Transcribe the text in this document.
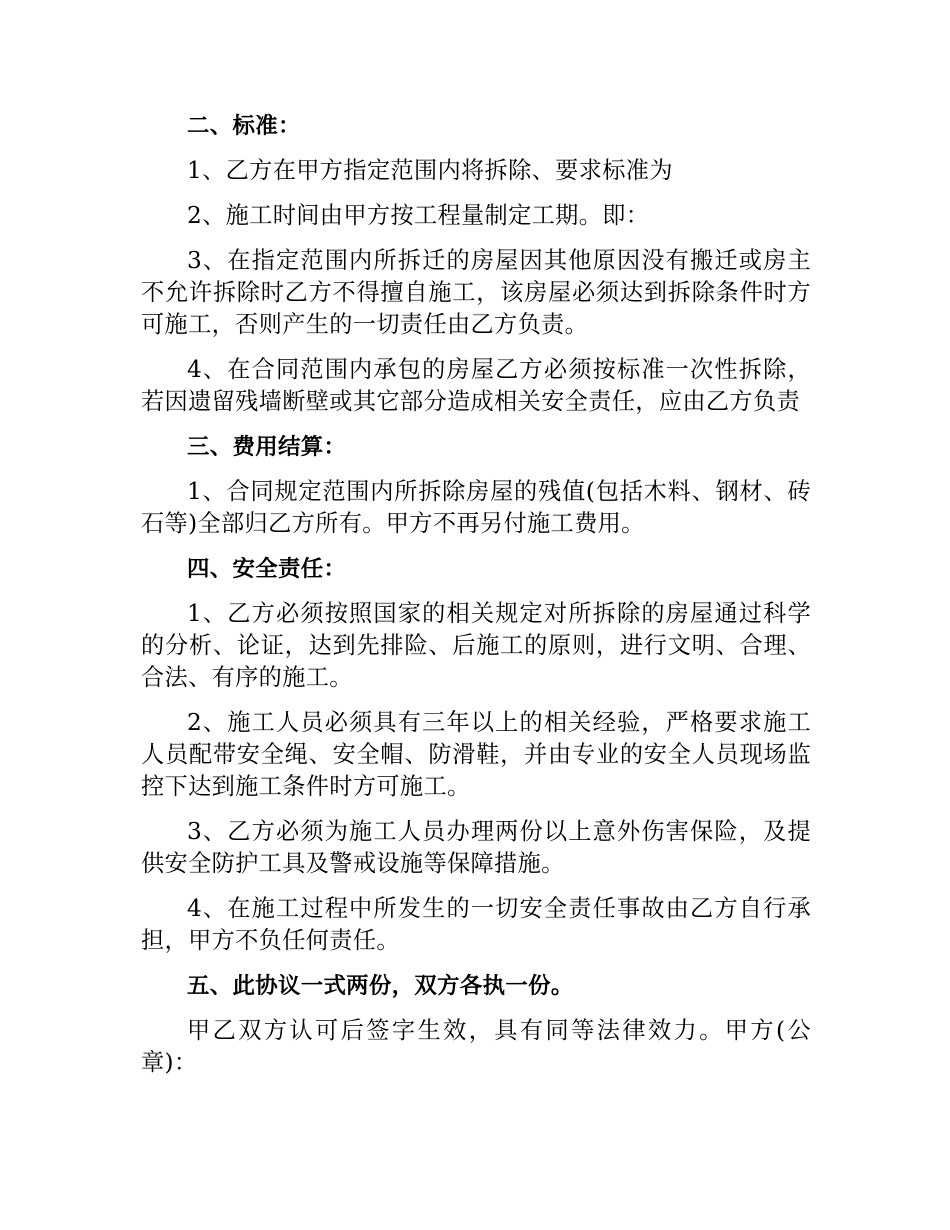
二、标准：

1、乙方在甲方指定范围内将拆除、要求标准为

2、施工时间由甲方按工程量制定工期。即：

3、在指定范围内所拆迁的房屋因其他原因没有搬迁或房主不允许拆除时乙方不得擅自施工，该房屋必须达到拆除条件时方可施工，否则产生的一切责任由乙方负责。

4、在合同范围内承包的房屋乙方必须按标准一次性拆除，若因遗留残墙断壁或其它部分造成相关安全责任，应由乙方负责

三、费用结算：

1、合同规定范围内所拆除房屋的残值(包括木料、钢材、砖石等)全部归乙方所有。甲方不再另付施工费用。

四、安全责任：

1、乙方必须按照国家的相关规定对所拆除的房屋通过科学的分析、论证，达到先排险、后施工的原则，进行文明、合理、合法、有序的施工。

2、施工人员必须具有三年以上的相关经验，严格要求施工人员配带安全绳、安全帽、防滑鞋，并由专业的安全人员现场监控下达到施工条件时方可施工。

3、乙方必须为施工人员办理两份以上意外伤害保险，及提供安全防护工具及警戒设施等保障措施。

4、在施工过程中所发生的一切安全责任事故由乙方自行承担，甲方不负任何责任。

五、此协议一式两份，双方各执一份。

甲乙双方认可后签字生效，具有同等法律效力。甲方(公章)：
